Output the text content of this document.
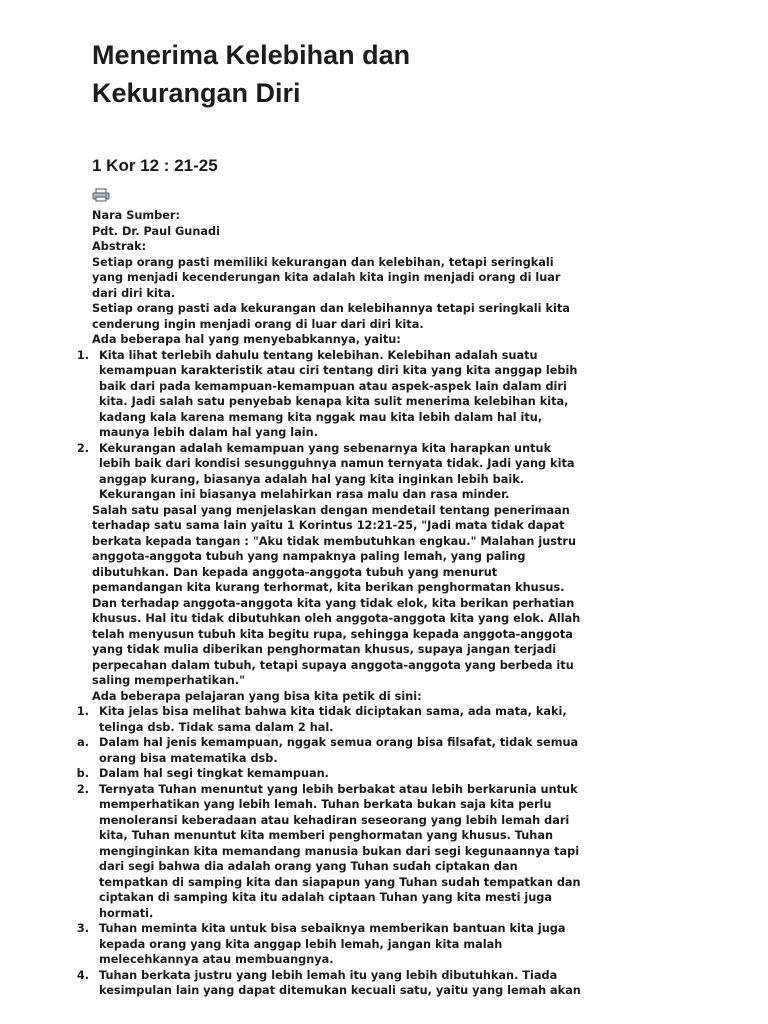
Menerima Kelebihan dan
Kekurangan Diri
1 Kor 12 : 21-25

Nara Sumber:

Pdt. Dr. Paul Gunadi

Abstrak:

Setiap orang pasti memiliki kekurangan dan kelebihan, tetapi seringkali

yang menjadi kecenderungan kita adalah kita ingin menjadi orang di luar

dari diri kita.

Setiap orang pasti ada kekurangan dan kelebihannya tetapi seringkali kita

cenderung ingin menjadi orang di luar dari diri kita.

Ada beberapa hal yang menyebabkannya, yaitu:

1. Kita lihat terlebih dahulu tentang kelebihan. Kelebihan adalah suatu

kemampuan karakteristik atau ciri tentang diri kita yang kita anggap lebih

baik dari pada kemampuan-kemampuan atau aspek-aspek lain dalam diri

kita. Jadi salah satu penyebab kenapa kita sulit menerima kelebihan kita,

kadang kala karena memang kita nggak mau kita lebih dalam hal itu,

maunya lebih dalam hal yang lain.

2. Kekurangan adalah kemampuan yang sebenarnya kita harapkan untuk

lebih baik dari kondisi sesungguhnya namun ternyata tidak. Jadi yang kita

anggap kurang, biasanya adalah hal yang kita inginkan lebih baik.

Kekurangan ini biasanya melahirkan rasa malu dan rasa minder.

Salah satu pasal yang menjelaskan dengan mendetail tentang penerimaan

terhadap satu sama lain yaitu 1 Korintus 12:21-25, "Jadi mata tidak dapat

berkata kepada tangan : "Aku tidak membutuhkan engkau." Malahan justru

anggota-anggota tubuh yang nampaknya paling lemah, yang paling

dibutuhkan. Dan kepada anggota-anggota tubuh yang menurut

pemandangan kita kurang terhormat, kita berikan penghormatan khusus.

Dan terhadap anggota-anggota kita yang tidak elok, kita berikan perhatian

khusus. Hal itu tidak dibutuhkan oleh anggota-anggota kita yang elok. Allah

telah menyusun tubuh kita begitu rupa, sehingga kepada anggota-anggota

yang tidak mulia diberikan penghormatan khusus, supaya jangan terjadi

perpecahan dalam tubuh, tetapi supaya anggota-anggota yang berbeda itu

saling memperhatikan."

Ada beberapa pelajaran yang bisa kita petik di sini:

1. Kita jelas bisa melihat bahwa kita tidak diciptakan sama, ada mata, kaki,

telinga dsb. Tidak sama dalam 2 hal.

a. Dalam hal jenis kemampuan, nggak semua orang bisa filsafat, tidak semua

orang bisa matematika dsb.

b. Dalam hal segi tingkat kemampuan.

2. Ternyata Tuhan menuntut yang lebih berbakat atau lebih berkarunia untuk

memperhatikan yang lebih lemah. Tuhan berkata bukan saja kita perlu

menoleransi keberadaan atau kehadiran seseorang yang lebih lemah dari

kita, Tuhan menuntut kita memberi penghormatan yang khusus. Tuhan

menginginkan kita memandang manusia bukan dari segi kegunaannya tapi

dari segi bahwa dia adalah orang yang Tuhan sudah ciptakan dan

tempatkan di samping kita dan siapapun yang Tuhan sudah tempatkan dan

ciptakan di samping kita itu adalah ciptaan Tuhan yang kita mesti juga

hormati.

3. Tuhan meminta kita untuk bisa sebaiknya memberikan bantuan kita juga

kepada orang yang kita anggap lebih lemah, jangan kita malah

melecehkannya atau membuangnya.

4. Tuhan berkata justru yang lebih lemah itu yang lebih dibutuhkan. Tiada

kesimpulan lain yang dapat ditemukan kecuali satu, yaitu yang lemah akan
